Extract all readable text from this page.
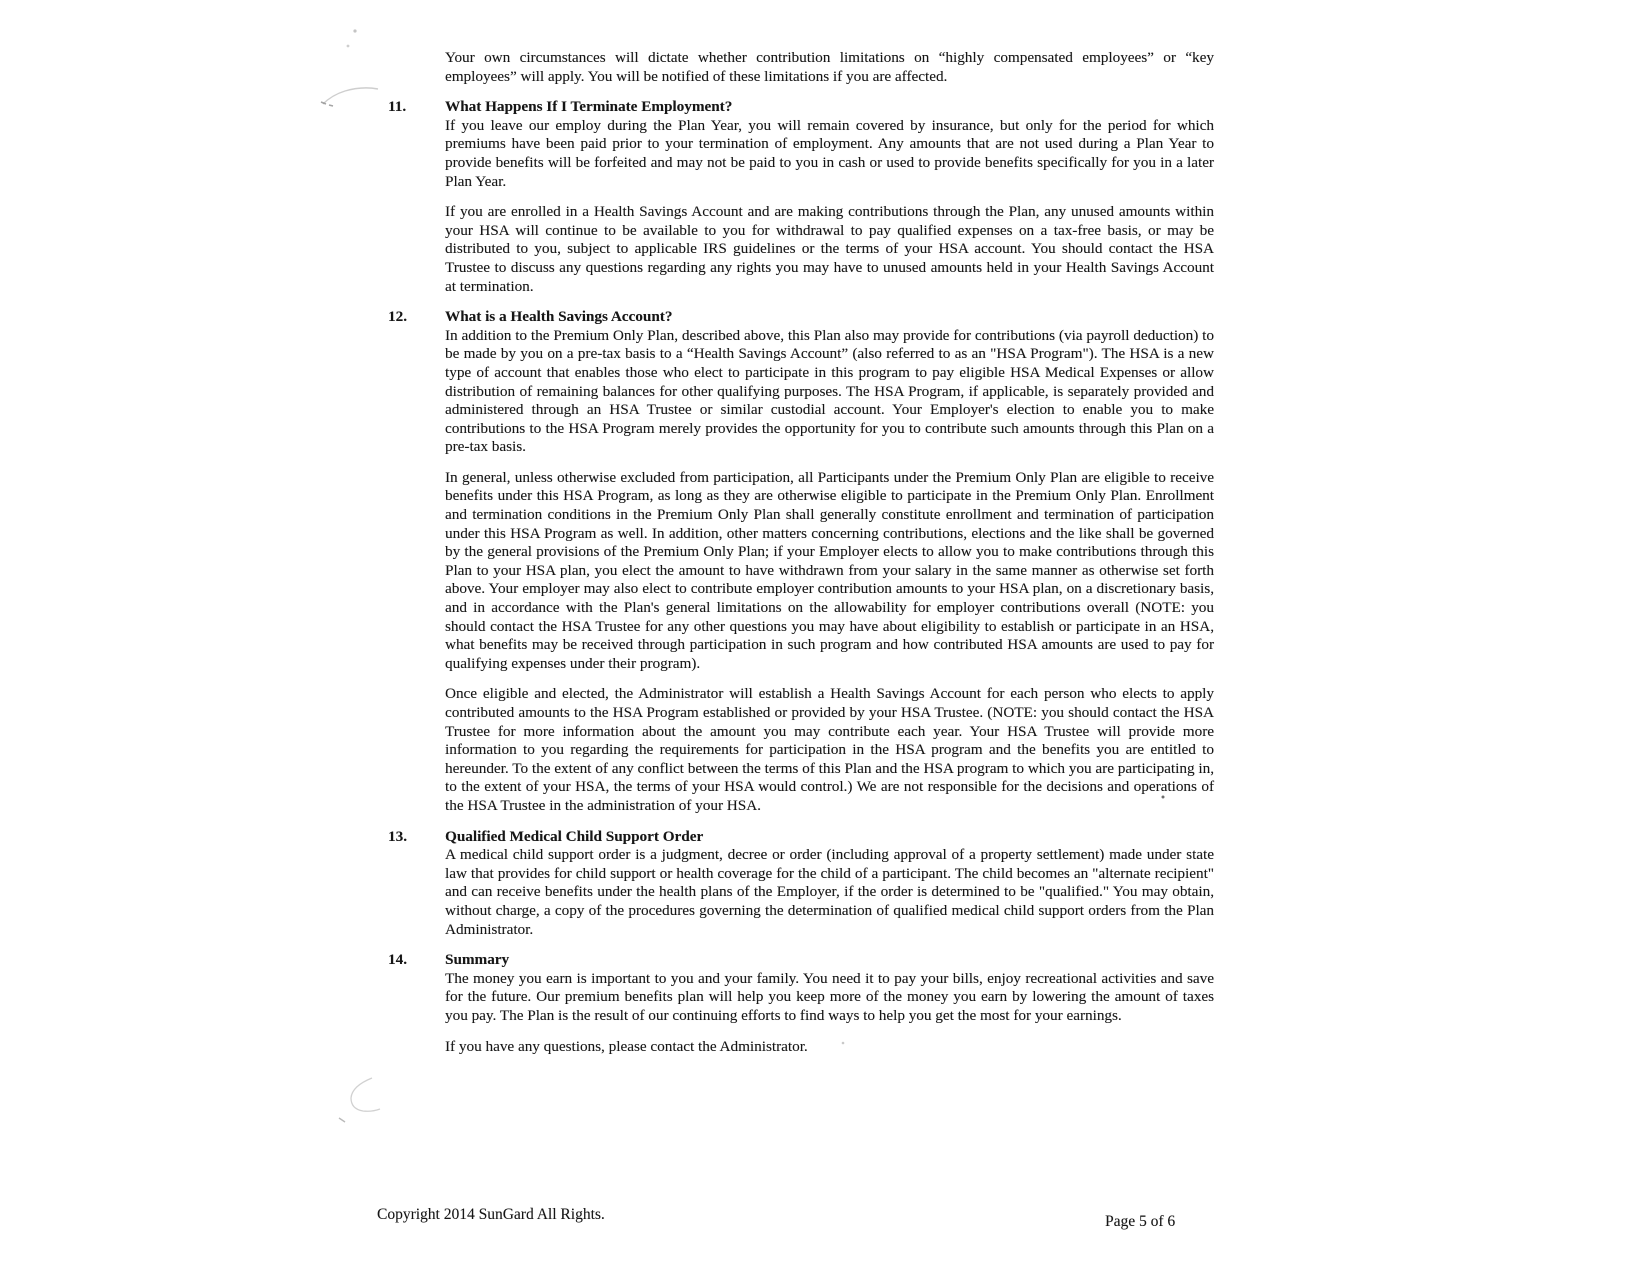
Your own circumstances will dictate whether contribution limitations on “highly compensated employees” or “key employees” will apply. You will be notified of these limitations if you are affected.

11.	What Happens If I Terminate Employment?

If you leave our employ during the Plan Year, you will remain covered by insurance, but only for the period for which premiums have been paid prior to your termination of employment. Any amounts that are not used during a Plan Year to provide benefits will be forfeited and may not be paid to you in cash or used to provide benefits specifically for you in a later Plan Year.

If you are enrolled in a Health Savings Account and are making contributions through the Plan, any unused amounts within your HSA will continue to be available to you for withdrawal to pay qualified expenses on a tax-free basis, or may be distributed to you, subject to applicable IRS guidelines or the terms of your HSA account. You should contact the HSA Trustee to discuss any questions regarding any rights you may have to unused amounts held in your Health Savings Account at termination.

12.	What is a Health Savings Account?

In addition to the Premium Only Plan, described above, this Plan also may provide for contributions (via payroll deduction) to be made by you on a pre-tax basis to a “Health Savings Account” (also referred to as an "HSA Program"). The HSA is a new type of account that enables those who elect to participate in this program to pay eligible HSA Medical Expenses or allow distribution of remaining balances for other qualifying purposes. The HSA Program, if applicable, is separately provided and administered through an HSA Trustee or similar custodial account. Your Employer's election to enable you to make contributions to the HSA Program merely provides the opportunity for you to contribute such amounts through this Plan on a pre-tax basis.

In general, unless otherwise excluded from participation, all Participants under the Premium Only Plan are eligible to receive benefits under this HSA Program, as long as they are otherwise eligible to participate in the Premium Only Plan. Enrollment and termination conditions in the Premium Only Plan shall generally constitute enrollment and termination of participation under this HSA Program as well. In addition, other matters concerning contributions, elections and the like shall be governed by the general provisions of the Premium Only Plan; if your Employer elects to allow you to make contributions through this Plan to your HSA plan, you elect the amount to have withdrawn from your salary in the same manner as otherwise set forth above. Your employer may also elect to contribute employer contribution amounts to your HSA plan, on a discretionary basis, and in accordance with the Plan's general limitations on the allowability for employer contributions overall (NOTE: you should contact the HSA Trustee for any other questions you may have about eligibility to establish or participate in an HSA, what benefits may be received through participation in such program and how contributed HSA amounts are used to pay for qualifying expenses under their program).

Once eligible and elected, the Administrator will establish a Health Savings Account for each person who elects to apply contributed amounts to the HSA Program established or provided by your HSA Trustee. (NOTE: you should contact the HSA Trustee for more information about the amount you may contribute each year. Your HSA Trustee will provide more information to you regarding the requirements for participation in the HSA program and the benefits you are entitled to hereunder. To the extent of any conflict between the terms of this Plan and the HSA program to which you are participating in, to the extent of your HSA, the terms of your HSA would control.) We are not responsible for the decisions and operations of the HSA Trustee in the administration of your HSA.

13.	Qualified Medical Child Support Order

A medical child support order is a judgment, decree or order (including approval of a property settlement) made under state law that provides for child support or health coverage for the child of a participant. The child becomes an "alternate recipient" and can receive benefits under the health plans of the Employer, if the order is determined to be "qualified." You may obtain, without charge, a copy of the procedures governing the determination of qualified medical child support orders from the Plan Administrator.

14.	Summary

The money you earn is important to you and your family. You need it to pay your bills, enjoy recreational activities and save for the future. Our premium benefits plan will help you keep more of the money you earn by lowering the amount of taxes you pay. The Plan is the result of our continuing efforts to find ways to help you get the most for your earnings.

If you have any questions, please contact the Administrator.

Copyright 2014 SunGard All Rights.	Page 5 of 6
